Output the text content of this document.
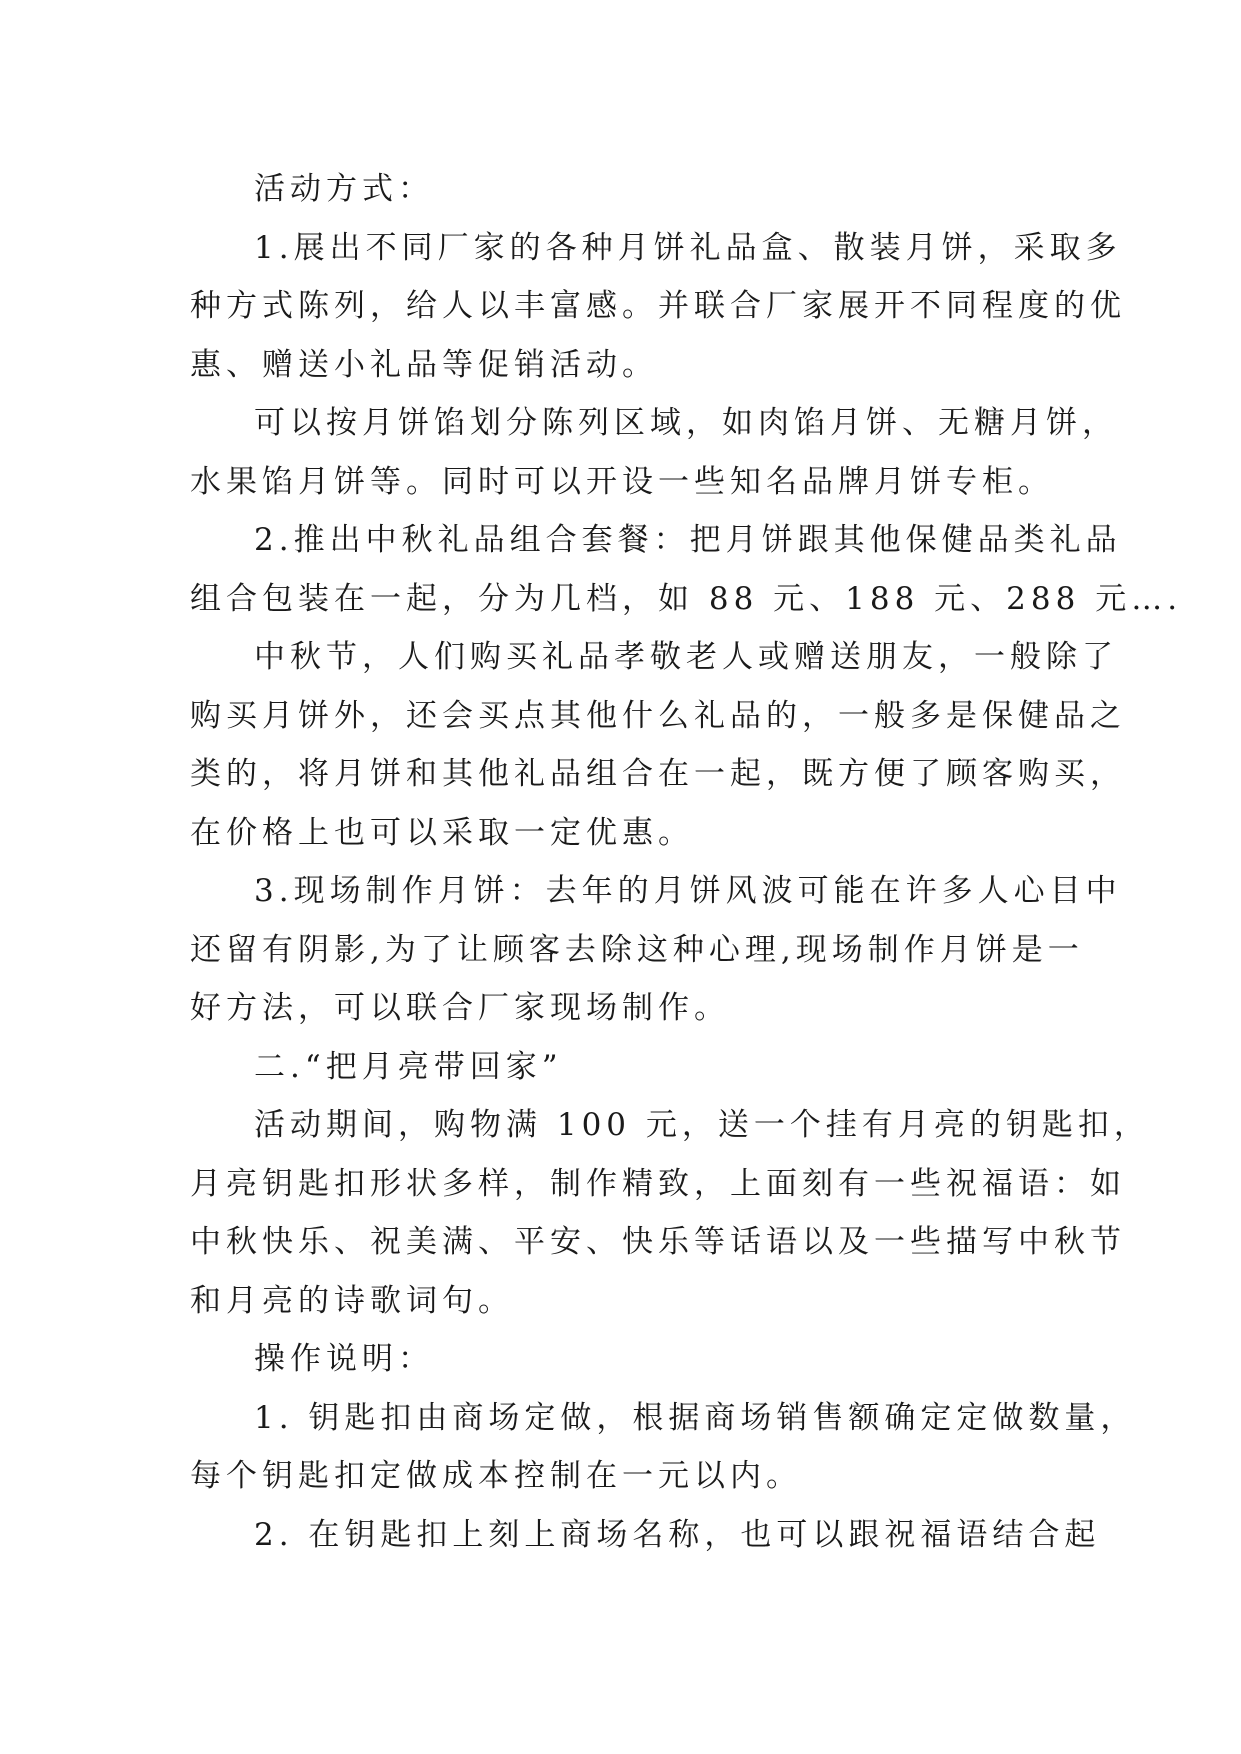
活动方式：
1.展出不同厂家的各种月饼礼品盒、散装月饼，采取多
种方式陈列，给人以丰富感。并联合厂家展开不同程度的优
惠、赠送小礼品等促销活动。
可以按月饼馅划分陈列区域，如肉馅月饼、无糖月饼，
水果馅月饼等。同时可以开设一些知名品牌月饼专柜。
2.推出中秋礼品组合套餐：把月饼跟其他保健品类礼品
组合包装在一起，分为几档，如 88 元、188 元、288 元….
中秋节，人们购买礼品孝敬老人或赠送朋友，一般除了
购买月饼外，还会买点其他什么礼品的，一般多是保健品之
类的，将月饼和其他礼品组合在一起，既方便了顾客购买，
在价格上也可以采取一定优惠。
3.现场制作月饼：去年的月饼风波可能在许多人心目中
还留有阴影,为了让顾客去除这种心理,现场制作月饼是一
好方法，可以联合厂家现场制作。
二.“把月亮带回家”
活动期间，购物满 100 元，送一个挂有月亮的钥匙扣，
月亮钥匙扣形状多样，制作精致，上面刻有一些祝福语：如
中秋快乐、祝美满、平安、快乐等话语以及一些描写中秋节
和月亮的诗歌词句。
操作说明：
1. 钥匙扣由商场定做，根据商场销售额确定定做数量，
每个钥匙扣定做成本控制在一元以内。
2. 在钥匙扣上刻上商场名称，也可以跟祝福语结合起
